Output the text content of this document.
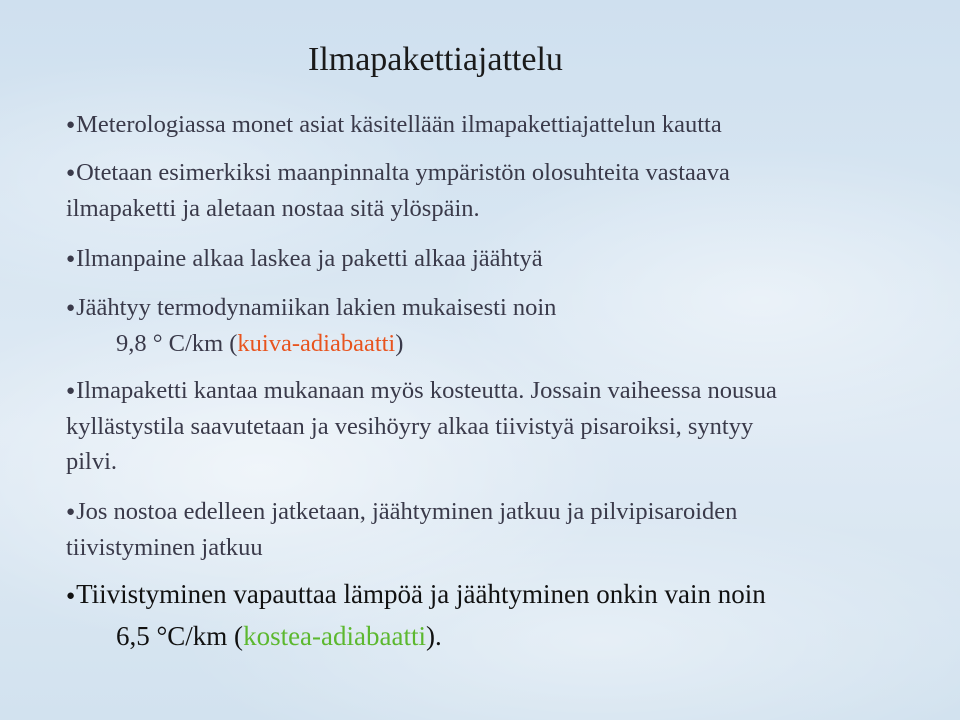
Ilmapakettiajattelu
●Meterologiassa monet asiat käsitellään ilmapakettiajattelun kautta
●Otetaan esimerkiksi maanpinnalta ympäristön olosuhteita vastaava
ilmapaketti ja aletaan nostaa sitä ylöspäin.
●Ilmanpaine alkaa laskea ja paketti alkaa jäähtyä
●Jäähtyy termodynamiikan lakien mukaisesti noin
9,8 ° C/km (kuiva-adiabaatti)
●Ilmapaketti kantaa mukanaan myös kosteutta. Jossain vaiheessa nousua
kyllästystila saavutetaan ja vesihöyry alkaa tiivistyä pisaroiksi, syntyy
pilvi.
●Jos nostoa edelleen jatketaan, jäähtyminen jatkuu ja pilvipisaroiden
tiivistyminen jatkuu
●Tiivistyminen vapauttaa lämpöä ja jäähtyminen onkin vain noin
6,5 °C/km (kostea-adiabaatti).
